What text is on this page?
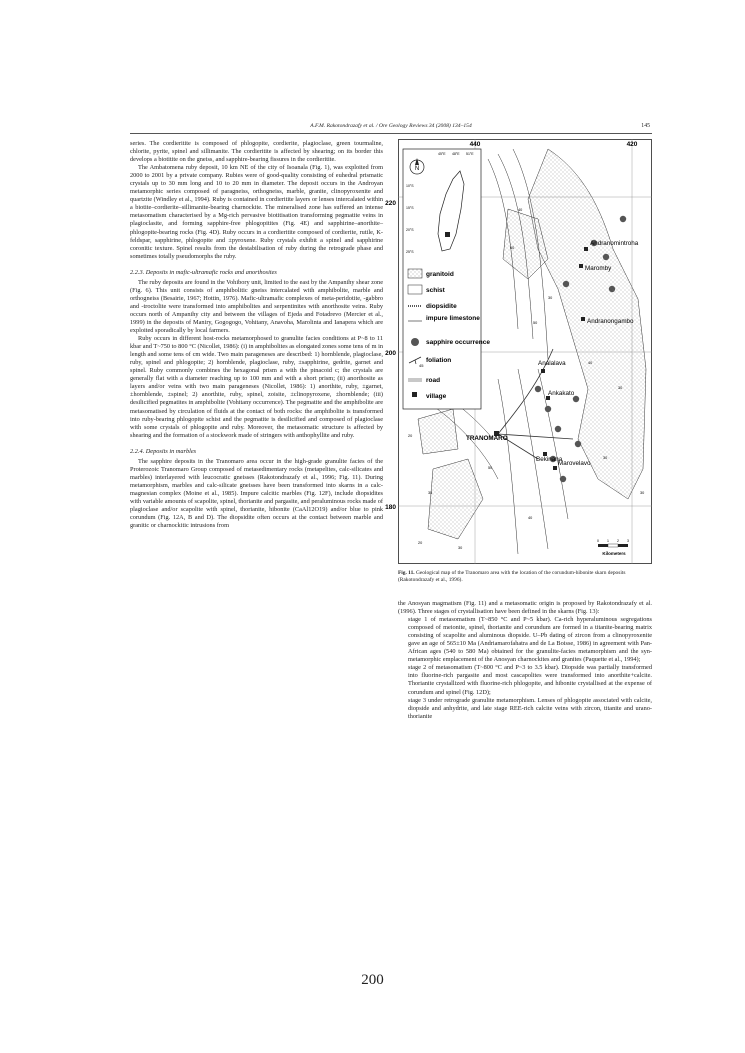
A.F.M. Rakotondrazafy et al. / Ore Geology Reviews 34 (2008) 134–154	145

series. The cordieritite is composed of phlogopite, cordierite, plagioclase, green tourmaline, chlorite, pyrite, spinel and sillimanite. The cordieritite is affected by shearing; on its border this develops a biotitite on the gneiss, and sapphire-bearing fissures in the cordieritite.

The Ambatomena ruby deposit, 10 km NE of the city of Isoanala (Fig. 1), was exploited from 2000 to 2001 by a private company. Rubies were of good-quality consisting of euhedral prismatic crystals up to 30 mm long and 10 to 20 mm in diameter. The deposit occurs in the Androyan metamorphic series composed of paragneiss, orthogneiss, marble, granite, clinopyroxenite and quartzite (Windley et al., 1994). Ruby is contained in cordieritite layers or lenses intercalated within a biotite–cordierite–sillimanite-bearing charnockite. The mineralised zone has suffered an intense metasomatism characterised by a Mg-rich pervasive biotitisation transforming pegmatite veins in plagioclasite, and forming sapphire-free phlogopitites (Fig. 4E) and sapphirine–anorthite–phlogopite-bearing rocks (Fig. 4D). Ruby occurs in a cordieritite composed of cordierite, rutile, K-feldspar, sapphirine, phlogopite and ±pyroxene. Ruby crystals exhibit a spinel and sapphirine coronitic texture. Spinel results from the destabilisation of ruby during the retrograde phase and sometimes totally pseudomorphs the ruby.

2.2.3. Deposits in mafic-ultramafic rocks and anorthosites

The ruby deposits are found in the Vohibory unit, limited to the east by the Ampanihy shear zone (Fig. 6). This unit consists of amphibolitic gneiss intercalated with amphibolite, marble and orthogneiss (Besairie, 1967; Hottin, 1976). Mafic-ultramafic complexes of meta-peridotite, -gabbro and -troctolite were transformed into amphibolites and serpentinites with anorthosite veins. Ruby occurs north of Ampanihy city and between the villages of Ejeda and Fotadrevo (Mercier et al., 1999) in the deposits of Maniry, Gogogogo, Vohitany, Anavoha, Marolinta and Ianapera which are exploited sporadically by local farmers.

Ruby occurs in different host-rocks metamorphosed to granulite facies conditions at P~8 to 11 kbar and T~750 to 800 °C (Nicollet, 1986): (i) in amphibolites as elongated zones some tens of m in length and some tens of cm wide. Two main parageneses are described: 1) hornblende, plagioclase, ruby, spinel and phlogopite; 2) hornblende, plagioclase, ruby, ±sapphirine, gedrite, garnet and spinel. Ruby commonly combines the hexagonal prism a with the pinacoid c; the crystals are generally flat with a diameter reaching up to 100 mm and with a short prism; (ii) anorthosite as layers and/or veins with two main parageneses (Nicollet, 1986): 1) anorthite, ruby, ±garnet, ±hornblende, ±spinel; 2) anorthite, ruby, spinel, zoisite, ±clinopyroxene, ±hornblende; (iii) desilicified pegmatites in amphibolite (Vohitany occurrence). The pegmatite and the amphibolite are metasomatised by circulation of fluids at the contact of both rocks: the amphibolite is transformed into ruby-bearing phlogopite schist and the pegmatite is desilicified and composed of plagioclase with some crystals of phlogopite and ruby. Moreover, the metasomatic structure is affected by shearing and the formation of a stockwork made of stringers with anthophyllite and ruby.

2.2.4. Deposits in marbles

The sapphire deposits in the Tranomaro area occur in the high-grade granulite facies of the Proterozoic Tranomaro Group composed of metasedimentary rocks (metapelites, calc-silicates and marbles) interlayered with leucocratic gneisses (Rakotondrazafy et al., 1996; Fig. 11). During metamorphism, marbles and calc-silicate gneisses have been transformed into skarns in a calc-magnesian complex (Moine et al., 1985). Impure calcitic marbles (Fig. 12F), include diopsidites with variable amounts of scapolite, spinel, thorianite and pargasite, and peraluminous rocks made of plagioclase and/or scapolite with spinel, thorianite, hibonite (CaAl12O19) and/or blue to pink corundum (Fig. 12A, B and D). The diopsidite often occurs at the contact between marble and granitic or charnockitic intrusions from

N
10°S
15°S
20°S
25°S
45°E 48°E 51°E
granitoid
schist
diopsidite
impure limestone
sapphire occurrence
45
foliation
road
village
440	420
220
200
180
Andranomintroha
Maromby
Andranongambo
Analalava
Ankakato
TRANOMARO
Bekinana
Marovelavo
40
60
30
50
40
30
20
35
50
40
30
30
20
30
0 1 2 3
Kilometers
Fig. 11. Geological map of the Tranomaro area with the location of the corundum-hibonite skarn deposits (Rakotondrazafy et al., 1996).

the Anosyan magmatism (Fig. 11) and a metasomatic origin is proposed by Rakotondrazafy et al. (1996). Three stages of crystallisation have been defined in the skarns (Fig. 13):

stage 1 of metasomatism (T~850 °C and P~5 kbar). Ca-rich hyperaluminous segregations composed of meionite, spinel, thorianite and corundum are formed in a titanite-bearing matrix consisting of scapolite and aluminous diopside. U–Pb dating of zircon from a clinopyroxenite gave an age of 565±10 Ma (Andriamarofahatra and de La Boisse, 1986) in agreement with Pan-African ages (540 to 580 Ma) obtained for the granulite-facies metamorphism and the syn-metamorphic emplacement of the Anosyan charnockites and granites (Paquette et al., 1994);

stage 2 of metasomatism (T~800 °C and P~3 to 3.5 kbar). Diopside was partially transformed into fluorine-rich pargasite and most cascapolites were transformed into anorthite+calcite. Thorianite crystallized with fluorine-rich phlogopite, and hibonite crystallised at the expense of corundum and spinel (Fig. 12D);

stage 3 under retrograde granulite metamorphism. Lenses of phlogopite associated with calcite, diopside and anhydrite, and late stage REE-rich calcite veins with zircon, titanite and urano-thorianite

200
